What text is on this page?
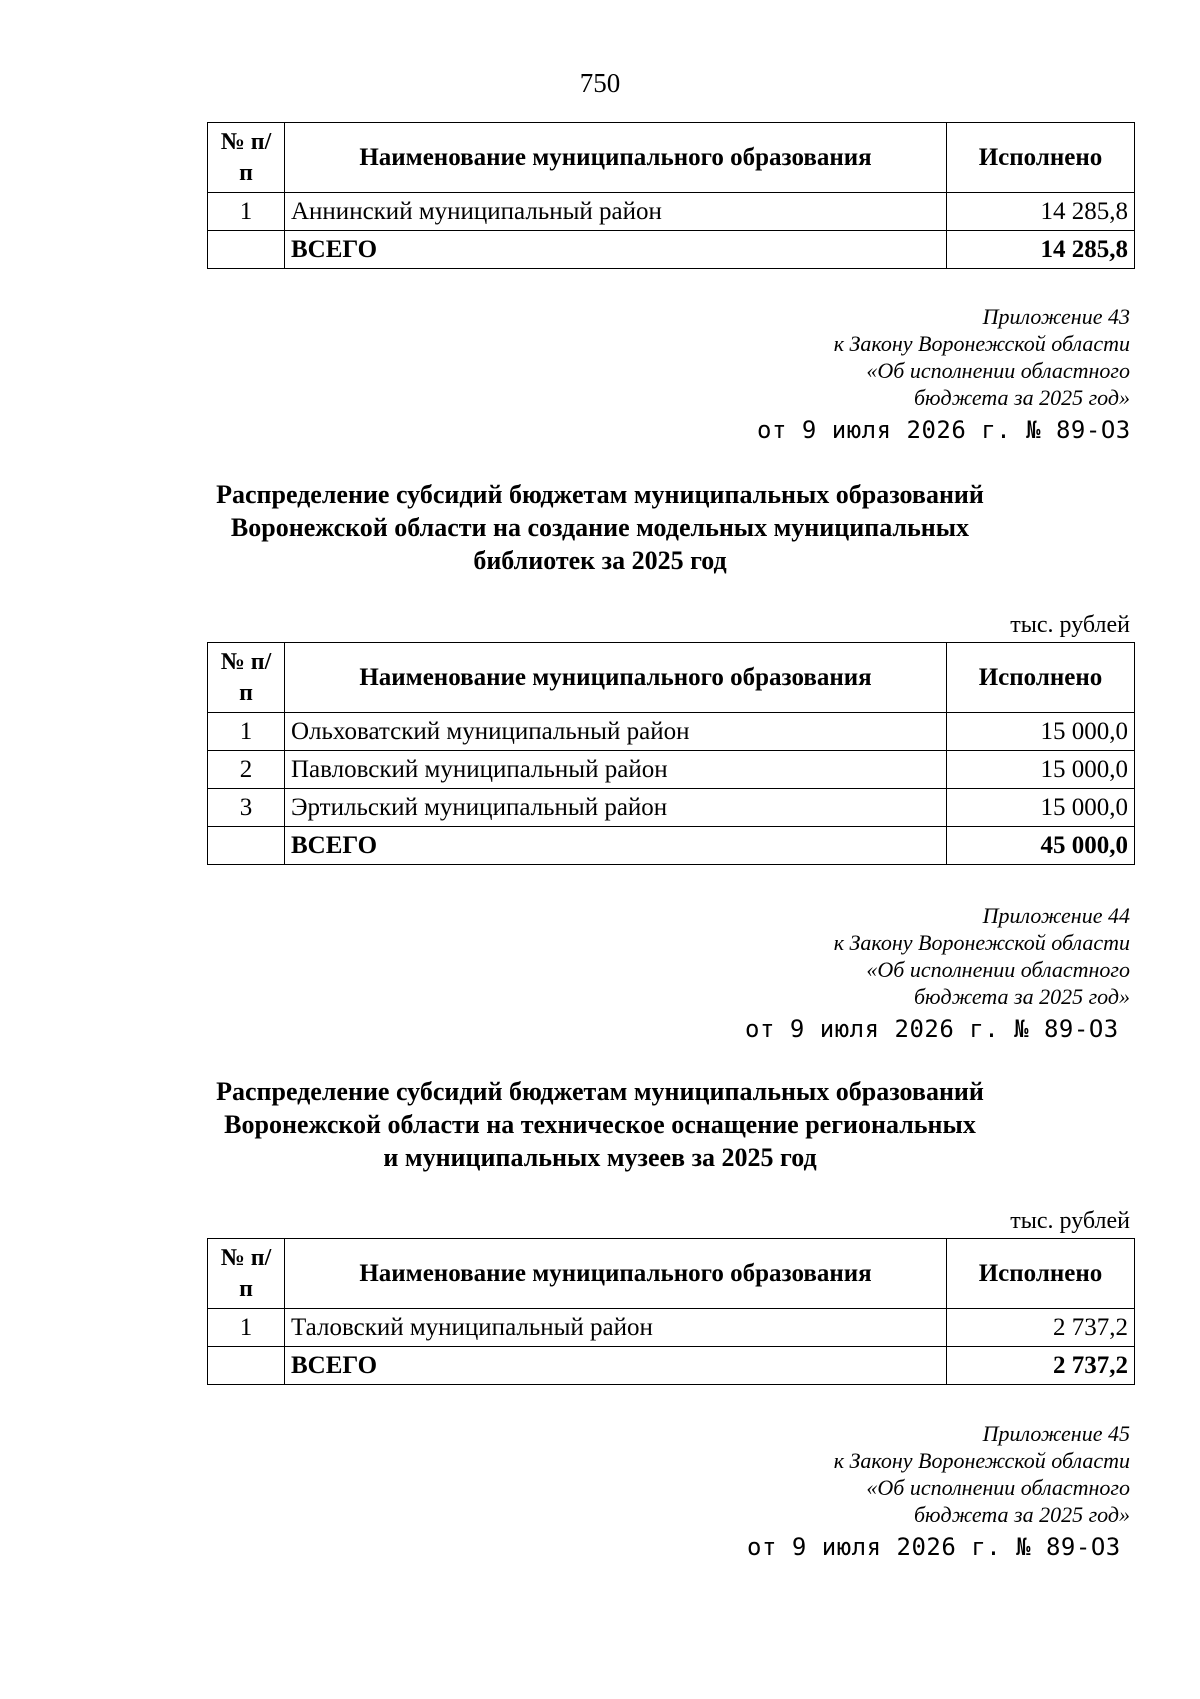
750
№ п/п	Наименование муниципального образования	Исполнено
1	Аннинский муниципальный район	14 285,8
	ВСЕГО	14 285,8
Приложение 43
к Закону Воронежской области
«Об исполнении областного
бюджета за 2025 год»
от 9 июля 2026 г. № 89-ОЗ
Распределение субсидий бюджетам муниципальных образований
Воронежской области на создание модельных муниципальных
библиотек за 2025 год
тыс. рублей
№ п/п	Наименование муниципального образования	Исполнено
1	Ольховатский муниципальный район	15 000,0
2	Павловский муниципальный район	15 000,0
3	Эртильский муниципальный район	15 000,0
	ВСЕГО	45 000,0
Приложение 44
к Закону Воронежской области
«Об исполнении областного
бюджета за 2025 год»
от 9 июля 2026 г. № 89-ОЗ
Распределение субсидий бюджетам муниципальных образований
Воронежской области на техническое оснащение региональных
и муниципальных музеев за 2025 год
тыс. рублей
№ п/п	Наименование муниципального образования	Исполнено
1	Таловский муниципальный район	2 737,2
	ВСЕГО	2 737,2
Приложение 45
к Закону Воронежской области
«Об исполнении областного
бюджета за 2025 год»
от 9 июля 2026 г. № 89-ОЗ
